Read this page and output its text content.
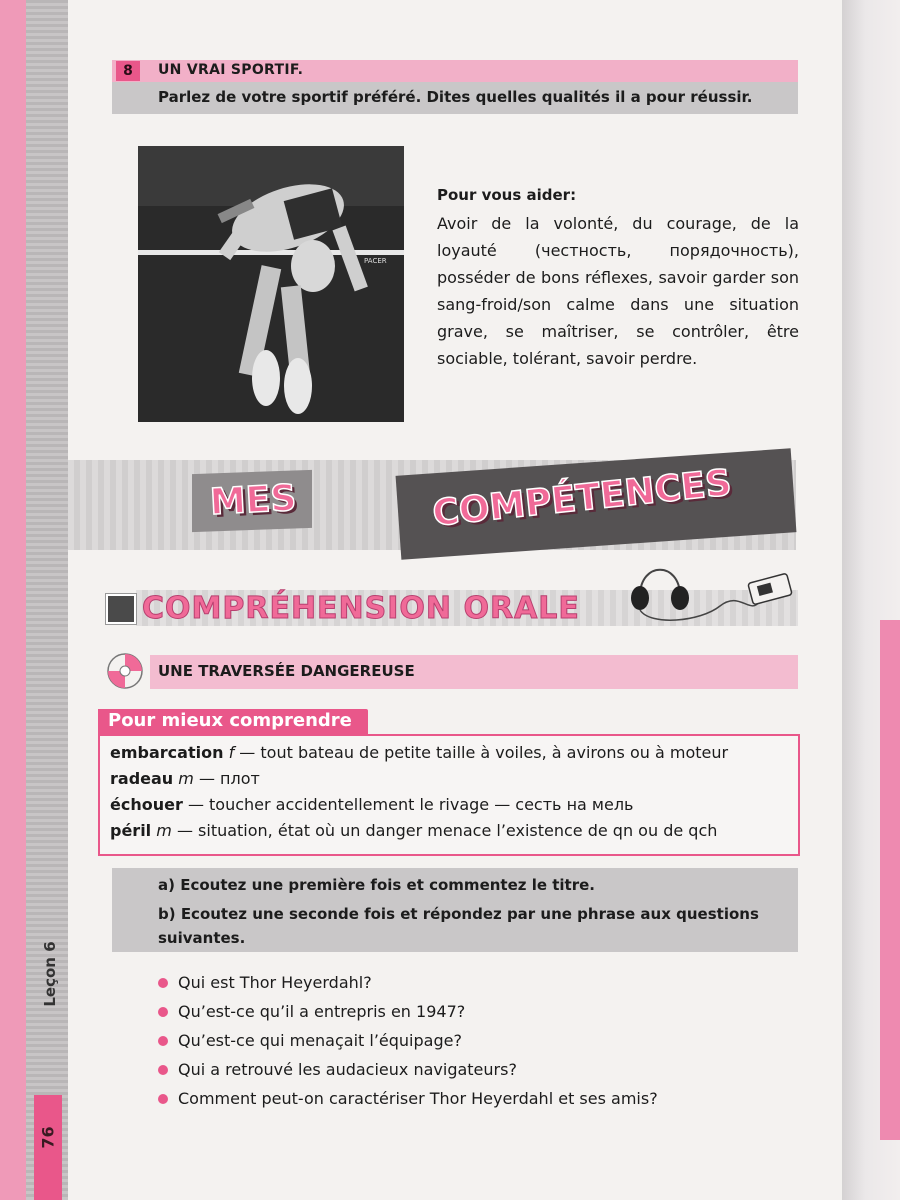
Leçon 6
76
8	UN VRAI SPORTIF.
Parlez de votre sportif préféré. Dites quelles qualités il a pour réussir.
PACER
Pour vous aider:
Avoir de la volonté, du courage, de la loyauté (честность, порядочность), posséder de bons réflexes, savoir garder son sang-froid/son calme dans une situation grave, se maîtriser, se contrôler, être sociable, tolérant, savoir perdre.
MES	COMPÉTENCES
COMPRÉHENSION ORALE
UNE TRAVERSÉE DANGEREUSE
Pour mieux comprendre
embarcation f — tout bateau de petite taille à voiles, à avirons ou à moteur
radeau m — плот
échouer — toucher accidentellement le rivage — сесть на мель
péril m — situation, état où un danger menace l’existence de qn ou de qch
a) Ecoutez une première fois et commentez le titre.
b) Ecoutez une seconde fois et répondez par une phrase aux questions suivantes.
Qui est Thor Heyerdahl?
Qu’est-ce qu’il a entrepris en 1947?
Qu’est-ce qui menaçait l’équipage?
Qui a retrouvé les audacieux navigateurs?
Comment peut-on caractériser Thor Heyerdahl et ses amis?
